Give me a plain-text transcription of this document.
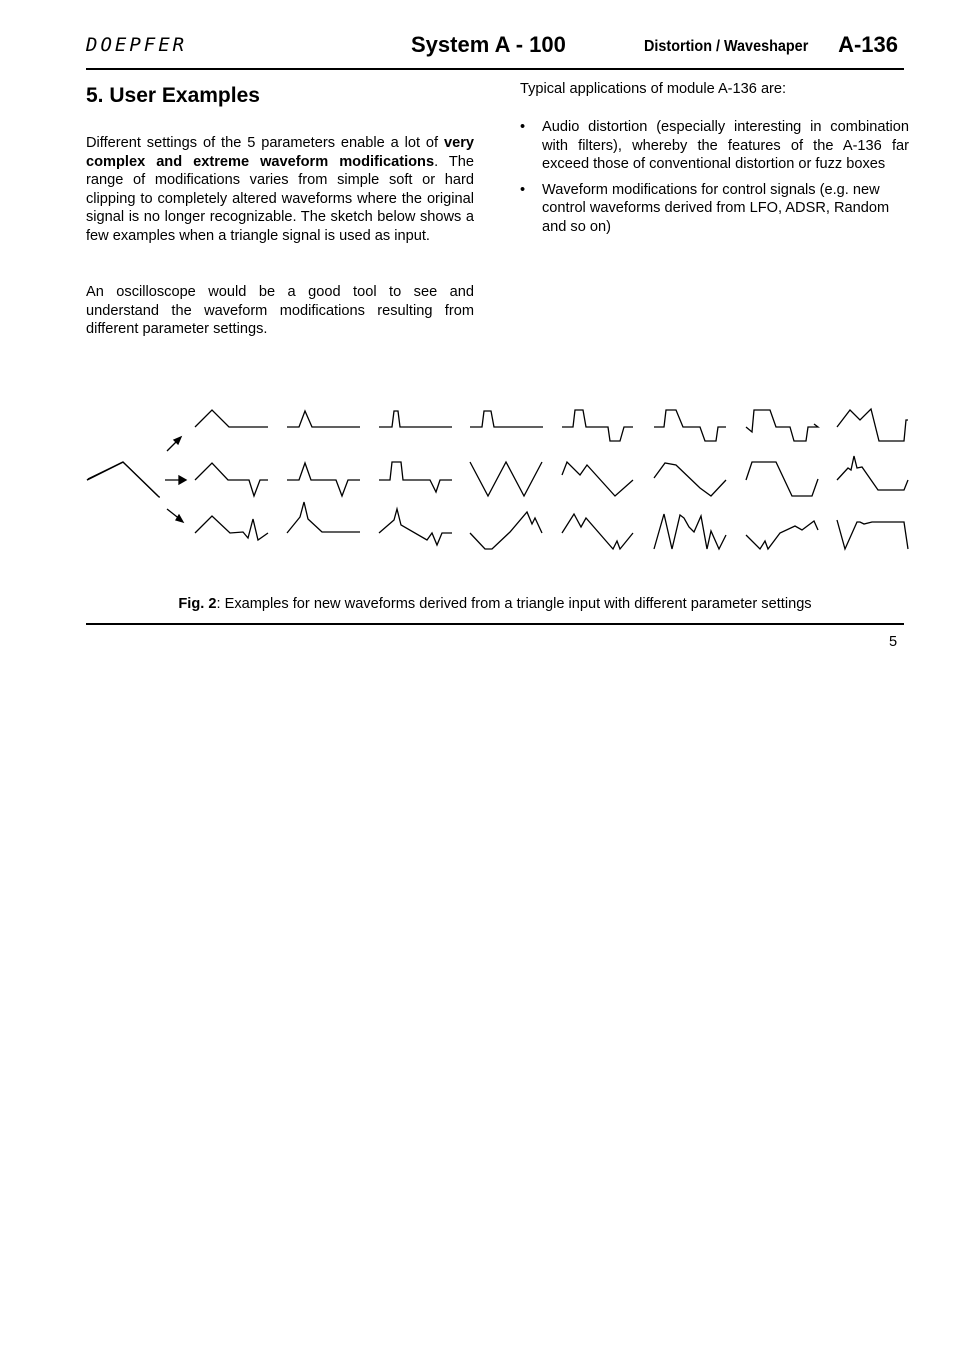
DOEPFER	System A - 100	Distortion / Waveshaper A-136
5. User Examples

Different settings of the 5 parameters enable a lot of very complex and extreme waveform modifications. The range of modifications varies from simple soft or hard clipping to completely altered waveforms where the original signal is no longer recognizable. The sketch below shows a few examples when a triangle signal is used as input.

An oscilloscope would be a good tool to see and understand the waveform modifications resulting from different parameter settings.

Typical applications of module A-136 are:

• Audio distortion (especially interesting in combination with filters), whereby the features of the A-136 far exceed those of conventional distortion or fuzz boxes
• Waveform modifications for control signals (e.g. new control waveforms derived from LFO, ADSR, Random and so on)
Fig. 2: Examples for new waveforms derived from a triangle input with different parameter settings
5
